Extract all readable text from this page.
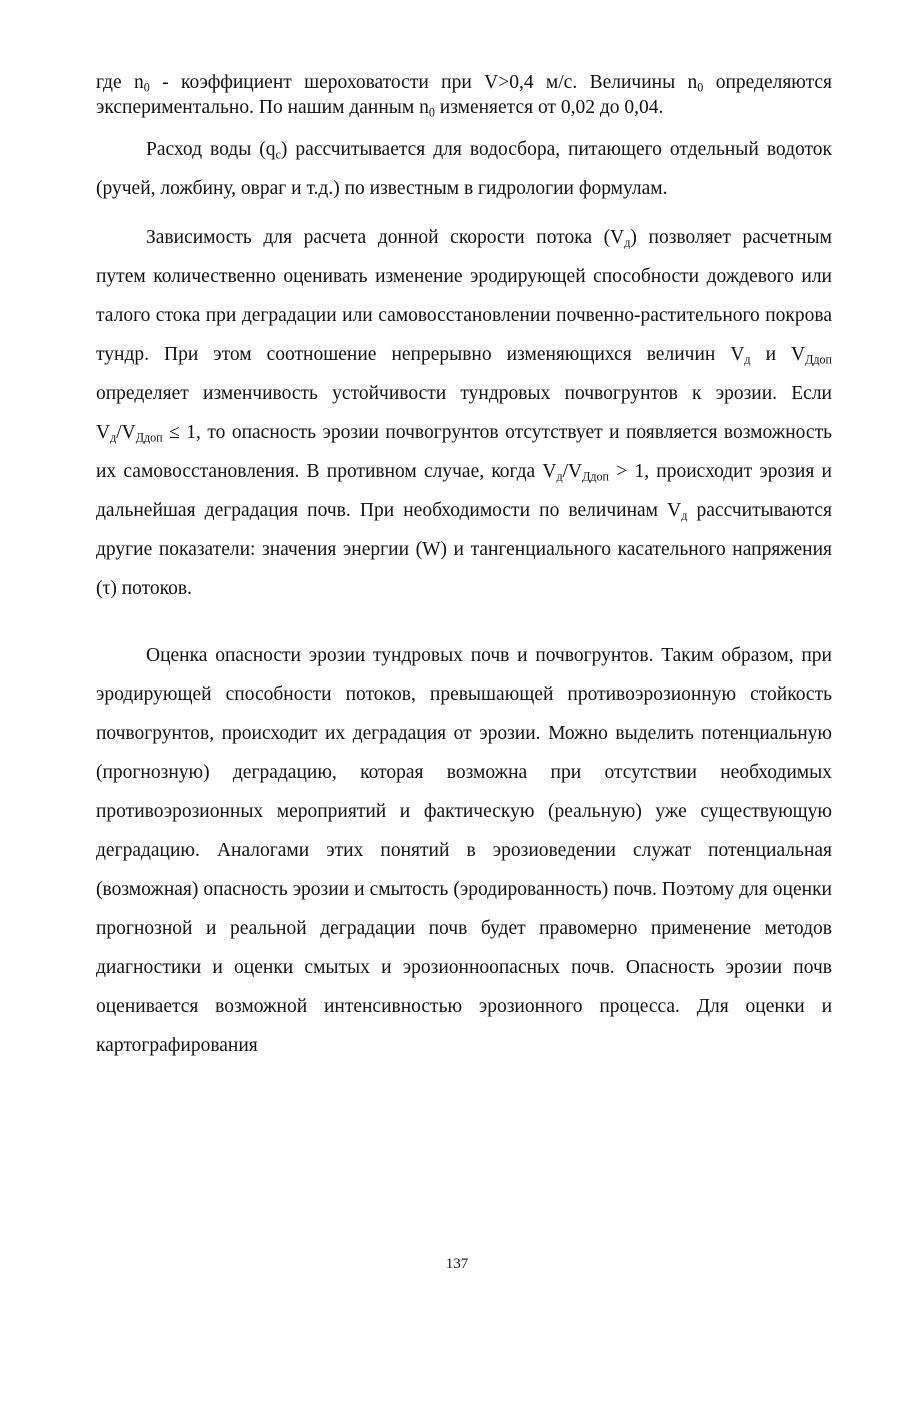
где $n_0$ - коэффициент шероховатости при V>0,4 м/с. Величины $n_0$ определяются экспериментально. По нашим данным $n_0$ изменяется от 0,02 до 0,04.

Расход воды $(q_c)$ рассчитывается для водосбора, питающего отдельный водоток (ручей, ложбину, овраг и т.д.) по известным в гидрологии формулам.

Зависимость для расчета донной скорости потока $(V_д)$ позволяет расчетным путем количественно оценивать изменение эродирующей способности дождевого или талого стока при деградации или самовосстановлении почвенно-растительного покрова тундр. При этом соотношение непрерывно изменяющихся величин $V_д$ и $V_{Ддоп}$ определяет изменчивость устойчивости тундровых почвогрунтов к эрозии. Если $V_д/V_{Ддоп} \le 1$, то опасность эрозии почвогрунтов отсутствует и появляется возможность их самовосстановления. В противном случае, когда $V_д/V_{Ддоп} > 1$, происходит эрозия и дальнейшая деградация почв. При необходимости по величинам $V_д$ рассчитываются другие показатели: значения энергии (W) и тангенциального касательного напряжения (τ) потоков.

Оценка опасности эрозии тундровых почв и почвогрунтов. Таким образом, при эродирующей способности потоков, превышающей противоэрозионную стойкость почвогрунтов, происходит их деградация от эрозии. Можно выделить потенциальную (прогнозную) деградацию, которая возможна при отсутствии необходимых противоэрозионных мероприятий и фактическую (реальную) уже существующую деградацию. Аналогами этих понятий в эрозиоведении служат потенциальная (возможная) опасность эрозии и смытость (эродированность) почв. Поэтому для оценки прогнозной и реальной деградации почв будет правомерно применение методов диагностики и оценки смытых и эрозионноопасных почв. Опасность эрозии почв оценивается возможной интенсивностью эрозионного процесса. Для оценки и картографирования

137
